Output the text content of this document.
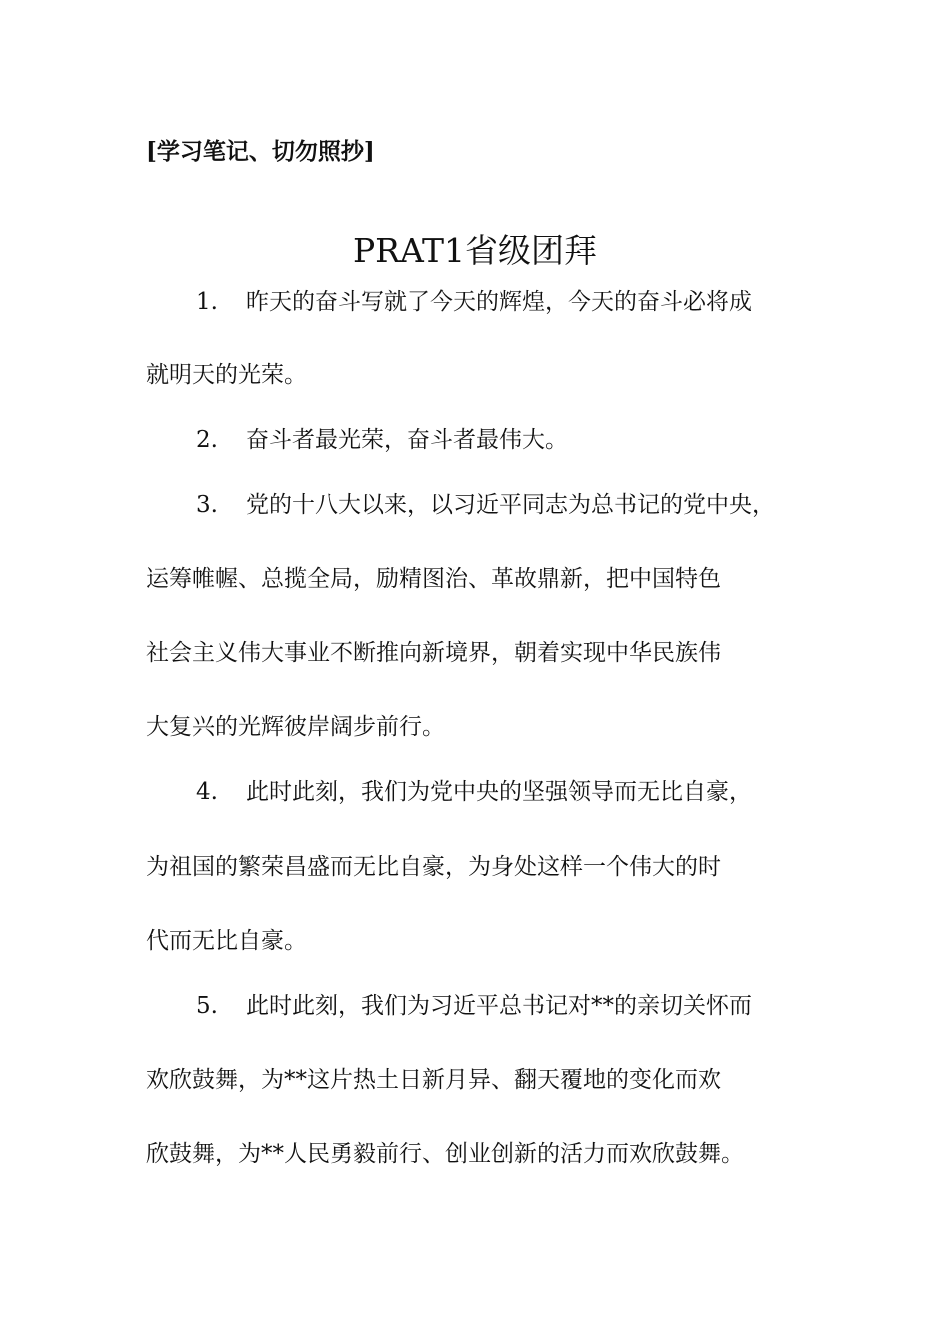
[学习笔记、切勿照抄]
PRAT1省级团拜
1. 昨天的奋斗写就了今天的辉煌，今天的奋斗必将成
就明天的光荣。
2. 奋斗者最光荣，奋斗者最伟大。
3. 党的十八大以来，以习近平同志为总书记的党中央，
运筹帷幄、总揽全局，励精图治、革故鼎新，把中国特色
社会主义伟大事业不断推向新境界，朝着实现中华民族伟
大复兴的光辉彼岸阔步前行。
4. 此时此刻，我们为党中央的坚强领导而无比自豪，
为祖国的繁荣昌盛而无比自豪，为身处这样一个伟大的时
代而无比自豪。
5. 此时此刻，我们为习近平总书记对**的亲切关怀而
欢欣鼓舞，为**这片热土日新月异、翻天覆地的变化而欢
欣鼓舞，为**人民勇毅前行、创业创新的活力而欢欣鼓舞。
